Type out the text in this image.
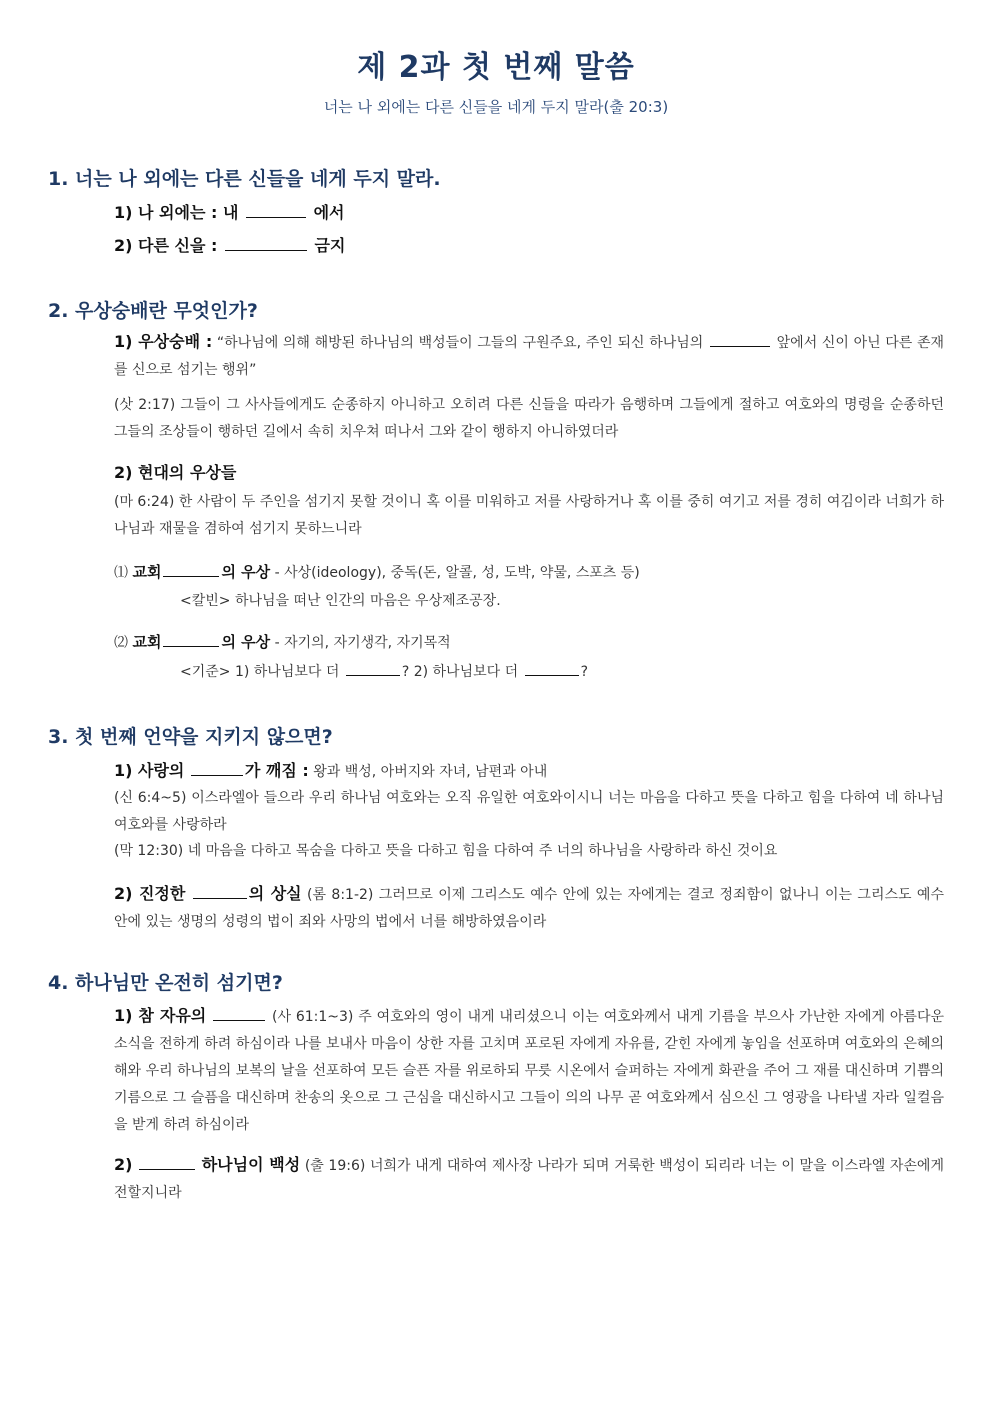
제 2과 첫 번째 말씀
너는 나 외에는 다른 신들을 네게 두지 말라(출 20:3)
1. 너는 나 외에는 다른 신들을 네게 두지 말라.
1) 나 외에는 : 내	에서
2) 다른 신을 :	금지
2. 우상숭배란 무엇인가?
1) 우상숭배 : “하나님에 의해 해방된 하나님의 백성들이 그들의 구원주요, 주인 되신 하나님의	앞에서 신이 아닌 다른 존재를 신으로 섬기는 행위”
(삿 2:17) 그들이 그 사사들에게도 순종하지 아니하고 오히려 다른 신들을 따라가 음행하며 그들에게 절하고 여호와의 명령을 순종하던 그들의 조상들이 행하던 길에서 속히 치우쳐 떠나서 그와 같이 행하지 아니하였더라
2) 현대의 우상들
(마 6:24) 한 사람이 두 주인을 섬기지 못할 것이니 혹 이를 미워하고 저를 사랑하거나 혹 이를 중히 여기고 저를 경히 여김이라 너희가 하나님과 재물을 겸하여 섬기지 못하느니라
⑴ 교회	의 우상 - 사상(ideology), 중독(돈, 알콜, 성, 도박, 약물, 스포츠 등)
<칼빈> 하나님을 떠난 인간의 마음은 우상제조공장.
⑵ 교회	의 우상 - 자기의, 자기생각, 자기목적
<기준> 1) 하나님보다 더	? 2) 하나님보다 더	?
3. 첫 번째 언약을 지키지 않으면?
1) 사랑의	가 깨짐 : 왕과 백성, 아버지와 자녀, 남편과 아내
(신 6:4~5) 이스라엘아 들으라 우리 하나님 여호와는 오직 유일한 여호와이시니 너는 마음을 다하고 뜻을 다하고 힘을 다하여 네 하나님 여호와를 사랑하라
(막 12:30) 네 마음을 다하고 목숨을 다하고 뜻을 다하고 힘을 다하여 주 너의 하나님을 사랑하라 하신 것이요
2) 진정한	의 상실 (롬 8:1-2) 그러므로 이제 그리스도 예수 안에 있는 자에게는 결코 정죄함이 없나니 이는 그리스도 예수 안에 있는 생명의 성령의 법이 죄와 사망의 법에서 너를 해방하였음이라
4. 하나님만 온전히 섬기면?
1) 참 자유의	(사 61:1~3) 주 여호와의 영이 내게 내리셨으니 이는 여호와께서 내게 기름을 부으사 가난한 자에게 아름다운 소식을 전하게 하려 하심이라 나를 보내사 마음이 상한 자를 고치며 포로된 자에게 자유를, 갇힌 자에게 놓임을 선포하며 여호와의 은혜의 해와 우리 하나님의 보복의 날을 선포하여 모든 슬픈 자를 위로하되 무릇 시온에서 슬퍼하는 자에게 화관을 주어 그 재를 대신하며 기쁨의 기름으로 그 슬픔을 대신하며 찬송의 옷으로 그 근심을 대신하시고 그들이 의의 나무 곧 여호와께서 심으신 그 영광을 나타낼 자라 일컬음을 받게 하려 하심이라
2)	하나님이 백성 (출 19:6) 너희가 내게 대하여 제사장 나라가 되며 거룩한 백성이 되리라 너는 이 말을 이스라엘 자손에게 전할지니라
